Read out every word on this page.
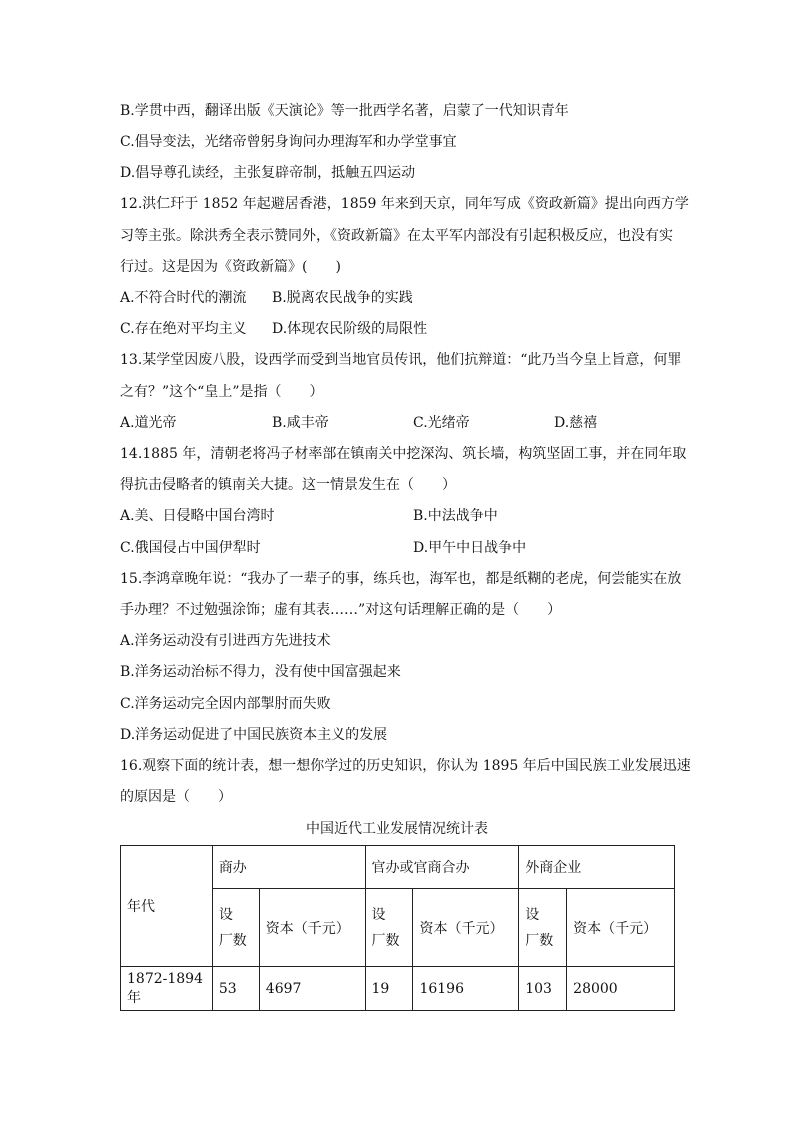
B.学贯中西，翻译出版《天演论》等一批西学名著，启蒙了一代知识青年
C.倡导变法，光绪帝曾躬身询问办理海军和办学堂事宜
D.倡导尊孔读经，主张复辟帝制，抵触五四运动
12.洪仁玕于 1852 年起避居香港，1859 年来到天京，同年写成《资政新篇》提出向西方学
习等主张。除洪秀全表示赞同外，《资政新篇》在太平军内部没有引起积极反应，也没有实
行过。这是因为《资政新篇》(　　)
A.不符合时代的潮流 B.脱离农民战争的实践
C.存在绝对平均主义 D.体现农民阶级的局限性
13.某学堂因废八股，设西学而受到当地官员传讯，他们抗辩道：“此乃当今皇上旨意，何罪
之有？”这个“皇上”是指（　　）
A.道光帝	B.咸丰帝	C.光绪帝	D.慈禧
14.1885 年，清朝老将冯子材率部在镇南关中挖深沟、筑长墙，构筑坚固工事，并在同年取
得抗击侵略者的镇南关大捷。这一情景发生在（　　）
A.美、日侵略中国台湾时	B.中法战争中
C.俄国侵占中国伊犁时	D.甲午中日战争中
15.李鸿章晚年说：“我办了一辈子的事，练兵也，海军也，都是纸糊的老虎，何尝能实在放
手办理？不过勉强涂饰；虚有其表……”对这句话理解正确的是（　　）
A.洋务运动没有引进西方先进技术
B.洋务运动治标不得力，没有使中国富强起来
C.洋务运动完全因内部掣肘而失败
D.洋务运动促进了中国民族资本主义的发展
16.观察下面的统计表，想一想你学过的历史知识，你认为 1895 年后中国民族工业发展迅速
的原因是（　　）
中国近代工业发展情况统计表
年代	商办		官办或官商合办		外商企业	
	设　厂数	资本（千元）	设　厂数	资本（千元）	设　厂数	资本（千元）
1872-1894年	53	4697	19	16196	103	28000
